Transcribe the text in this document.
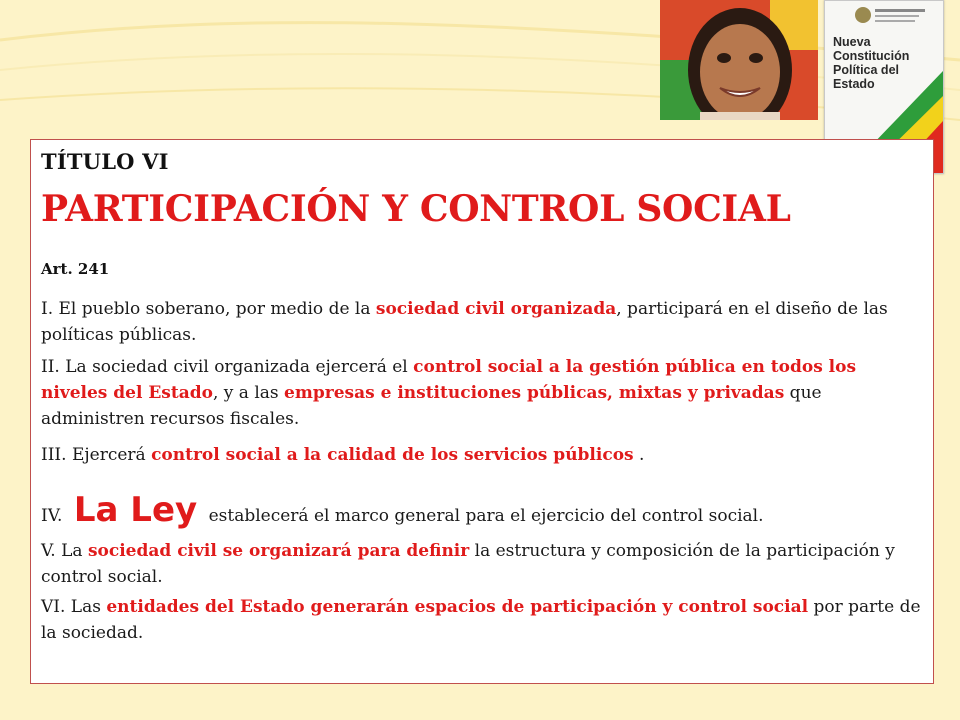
Nueva
Constitución
Política del
Estado
TÍTULO VI
PARTICIPACIÓN Y CONTROL SOCIAL
Art. 241
I. El pueblo soberano, por medio de la sociedad civil organizada, participará en el diseño de las políticas públicas.
II. La sociedad civil organizada ejercerá el control social a la gestión pública en todos los niveles del Estado, y a las empresas e instituciones públicas, mixtas y privadas que administren recursos fiscales.
III. Ejercerá control social a la calidad de los servicios públicos .
IV. La Ley establecerá el marco general para el ejercicio del control social.
V. La sociedad civil se organizará para definir la estructura y composición de la participación y control social.
VI. Las entidades del Estado generarán espacios de participación y control social por parte de la sociedad.
